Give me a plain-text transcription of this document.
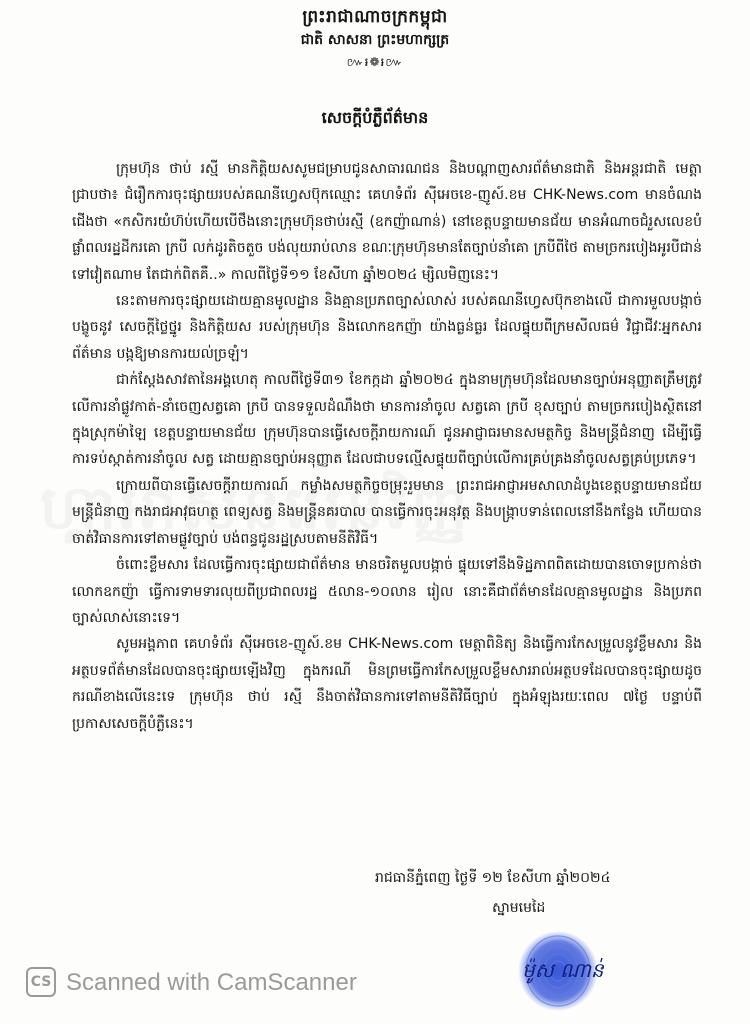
ព្រះរាជាណាចក្រកម្ពុជា
ជាតិ សាសនា ព្រះមហាក្សត្រ
៚៛❁៛៚
សេចក្តីបំភ្លឺព័ត៌មាន

ក្រុមហ៊ុន ថាប់ រស្មី មានកិត្តិយសសូមជម្រាបជូនសាធារណជន និងបណ្តាញសារព័ត៌មានជាតិ និងអន្តរជាតិ មេត្តាជ្រាបថា៖ ជំរឿកការចុះផ្សាយរបស់គណនីហ្វេសប៊ុកឈ្មោះ គេហទំព័រ ស៊ីអេចខេ-ញូស៍.ខម CHK-News.com មានចំណងជើងថា «កសិករយំហ៊ប់ហើយបើថឹងនោះក្រុមហ៊ុនថាប់រស្មី (ឧកញ៉ាណាន់) នៅខេត្តបន្ទាយមានជ័យ មានអំណាចជំរួសលេខបំផ្លាំពលរដ្ឋដីករគោ ក្របី លក់ដូរតិចតួច បង់លុយរាប់លាន ខណៈក្រុមហ៊ុនមានតែច្បាប់នាំគោ ក្របីពីថៃ តាមច្រករបៀងអូរបីជាន់ ទៅវៀតណាម តែជាក់ពិតគឺ..» កាលពីថ្ងៃទី១១ ខែសីហា ឆ្នាំ២០២៤ ម្សិលមិញនេះ។

នេះតាមការចុះផ្សាយដោយគ្មានមូលដ្ឋាន និងគ្មានប្រភពច្បាស់លាស់ របស់គណនីហ្វេសប៊ុកខាងលើ ជាការមួលបង្កាច់បង្ខូចនូវ សេចក្តីថ្លៃថ្នូរ និងកិត្តិយស របស់ក្រុមហ៊ុន និងលោកឧកញ៉ា យ៉ាងធ្ងន់ធ្ងរ ដែលផ្ទុយពីក្រមសីលធម៌ វិជ្ជាជីវៈអ្នកសារព័ត៌មាន បង្កឱ្យមានការយល់ច្រឡំ។

ជាក់ស្តែងសាវតានៃអង្គហេតុ កាលពីថ្ងៃទី៣១ ខែកក្កដា ឆ្នាំ២០២៤ ក្នុងនាមក្រុមហ៊ុនដែលមានច្បាប់អនុញ្ញាតត្រឹមត្រូវលើការនាំផ្លូវកាត់-នាំចេញសត្វគោ ក្របី បានទទួលដំណឹងថា មានការនាំចូល សត្វគោ ក្របី ខុសច្បាប់ តាមច្រករបៀងស្ថិតនៅក្នុងស្រុកម៉ាឡៃ ខេត្តបន្ទាយមានជ័យ ក្រុមហ៊ុនបានធ្វើសេចក្តីរាយការណ៍ ជូនអាជ្ញាធរមានសមត្ថកិច្ច និងមន្រ្តីជំនាញ ដើម្បីធ្វើការទប់ស្កាត់ការនាំចូល សត្វ ដោយគ្មានច្បាប់អនុញ្ញាត ដែលជាបទល្មើសផ្ទុយពីច្បាប់លើការគ្រប់គ្រងនាំចូលសត្វគ្រប់ប្រភេទ។

ក្រោយពីបានធ្វើសេចក្តីរាយការណ៍ កម្លាំងសមត្ថកិច្ចចម្រុះរួមមាន ព្រះរាជអាជ្ញាអមសាលាដំបូងខេត្តបន្ទាយមានជ័យ មន្រ្តីជំនាញ កងរាជអាវុធហត្ថ ពេទ្យសត្វ និងមន្រ្តីនគរបាល បានធ្វើការចុះអនុវត្ត និងបង្ក្រាបទាន់ពេលនៅនឹងកន្លែង ហើយបានចាត់វិធានការទៅតាមផ្លូវច្បាប់ បង់ពន្ធជូនរដ្ឋស្របតាមនីតិវិធី។

ចំពោះខ្លឹមសារ ដែលធ្វើការចុះផ្សាយជាព័ត៌មាន មានចរិតមួលបង្កាច់ ផ្ទុយទៅនឹងទិដ្ឋភាពពិតដោយបានចោទប្រកាន់ថា លោកឧកញ៉ា ធ្វើការទាមទារលុយពីប្រជាពលរដ្ឋ ៥លាន-១០លាន រៀល នោះគឺជាព័ត៌មានដែលគ្មានមូលដ្ឋាន និងប្រភពច្បាស់លាស់នោះទេ។

សូមអង្គភាព គេហទំព័រ ស៊ីអេចខេ-ញូស៍.ខម CHK-News.com មេត្តាពិនិត្យ និងធ្វើការកែសម្រួលនូវខ្លឹមសារ និងអត្ថបទព័ត៌មានដែលបានចុះផ្សាយឡើងវិញ ក្នុងករណី មិនព្រមធ្វើការកែសម្រួលខ្លឹមសាររាល់អត្ថបទដែលបានចុះផ្សាយដូចករណីខាងលើនេះទេ ក្រុមហ៊ុន ថាប់ រស្មី នឹងចាត់វិធានការទៅតាមនីតិវិធីច្បាប់ ក្នុងអំឡុងរយៈពេល ៧ថ្ងៃ បន្ទាប់ពីប្រកាសសេចក្តីបំភ្លឺនេះ។

រាជធានីភ្នំពេញ ថ្ងៃទី ១២ ខែសីហា ឆ្នាំ២០២៤
ស្នាមមេដៃ
ម៉ូស ណាន់
CS Scanned with CamScanner
